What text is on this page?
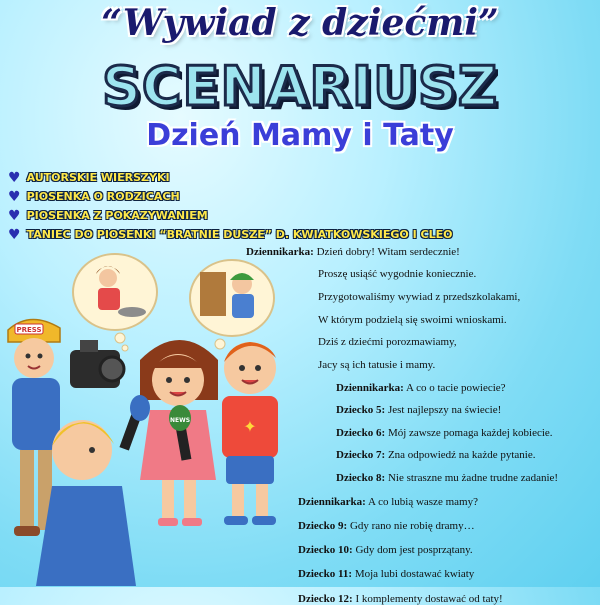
“Wywiad z dziećmi”
SCENARIUSZ
Dzień Mamy i Taty
♥ AUTORSKIE WIERSZYKI
♥ PIOSENKA O RODZICACH
♥ PIOSENKA Z POKAZYWANIEM
♥ TANIEC DO PIOSENKI “BRATNIE DUSZE” D. KWIATKOWSKIEGO I CLEO
PRESS
✦
NEWS
Dziennikarka: Dzień dobry! Witam serdecznie!
Proszę usiąść wygodnie koniecznie.
Przygotowaliśmy wywiad z przedszkolakami,
W którym podzielą się swoimi wnioskami.
Dziś z dziećmi porozmawiamy,
Jacy są ich tatusie i mamy.
Dziennikarka: A co o tacie powiecie?
Dziecko 5: Jest najlepszy na świecie!
Dziecko 6: Mój zawsze pomaga każdej kobiecie.
Dziecko 7: Zna odpowiedź na każde pytanie.
Dziecko 8: Nie straszne mu żadne trudne zadanie!
Dziennikarka: A co lubią wasze mamy?
Dziecko 9: Gdy rano nie robię dramy…
Dziecko 10: Gdy dom jest posprzątany.
Dziecko 11: Moja lubi dostawać kwiaty
Dziecko 12: I komplementy dostawać od taty!
